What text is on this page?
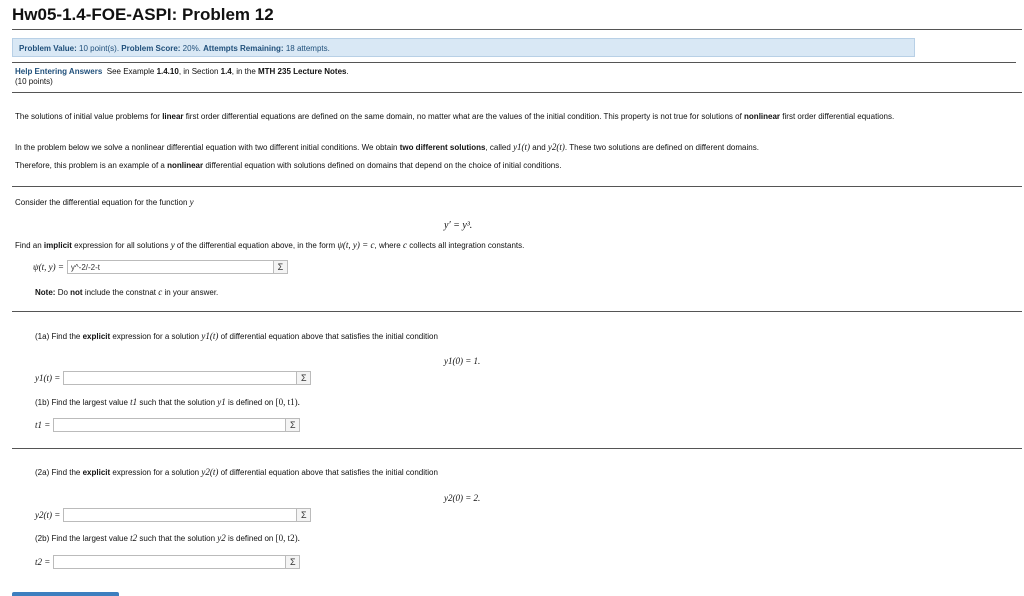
Hw05-1.4-FOE-ASPI: Problem 12
Problem Value: 10 point(s). Problem Score: 20%. Attempts Remaining: 18 attempts.
Help Entering Answers See Example 1.4.10, in Section 1.4, in the MTH 235 Lecture Notes.
(10 points)
The solutions of initial value problems for linear first order differential equations are defined on the same domain, no matter what are the values of the initial condition. This property is not true for solutions of nonlinear first order differential equations.
In the problem below we solve a nonlinear differential equation with two different initial conditions. We obtain two different solutions, called y1(t) and y2(t). These two solutions are defined on different domains.
Therefore, this problem is an example of a nonlinear differential equation with solutions defined on domains that depend on the choice of initial conditions.
Consider the differential equation for the function y
y′ = y³.
Find an implicit expression for all solutions y of the differential equation above, in the form ψ(t, y) = c, where c collects all integration constants.
ψ(t, y) =
y^-2/-2-t	Σ
Note: Do not include the constnat c in your answer.
(1a) Find the explicit expression for a solution y1(t) of differential equation above that satisfies the initial condition
y1(0) = 1.
y1(t) =	Σ
(1b) Find the largest value t1 such that the solution y1 is defined on [0, t1).
t1 =	Σ
(2a) Find the explicit expression for a solution y2(t) of differential equation above that satisfies the initial condition
y2(0) = 2.
y2(t) =	Σ
(2b) Find the largest value t2 such that the solution y2 is defined on [0, t2).
t2 =	Σ
